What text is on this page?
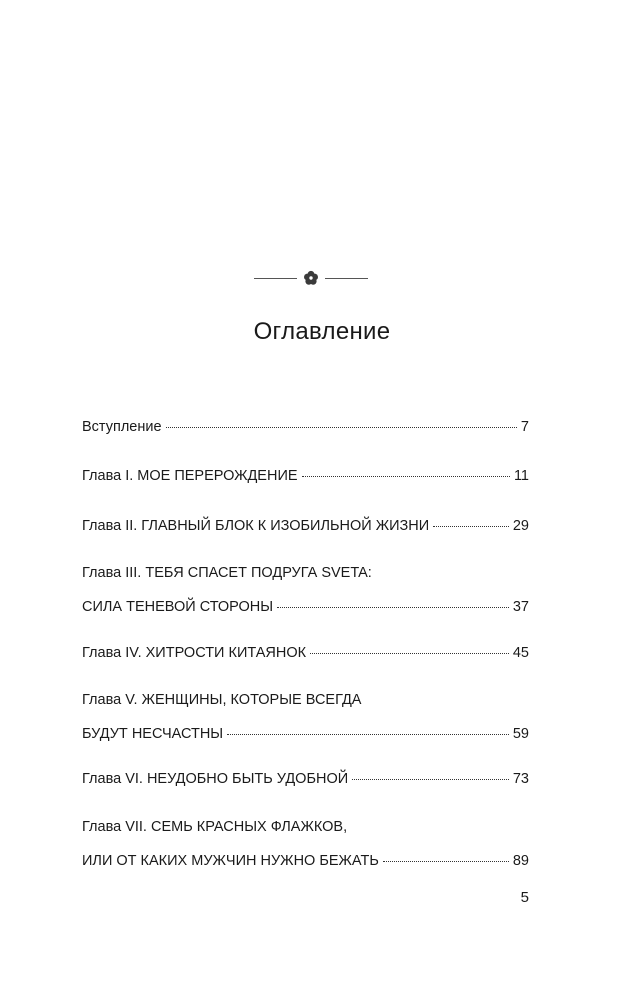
Оглавление
Вступление	7
Глава I. МОЕ ПЕРЕРОЖДЕНИЕ	11
Глава II. ГЛАВНЫЙ БЛОК К ИЗОБИЛЬНОЙ ЖИЗНИ	29
Глава III. ТЕБЯ СПАСЕТ ПОДРУГА SVETA:
СИЛА ТЕНЕВОЙ СТОРОНЫ	37
Глава IV. ХИТРОСТИ КИТАЯНОК	45
Глава V. ЖЕНЩИНЫ, КОТОРЫЕ ВСЕГДА
БУДУТ НЕСЧАСТНЫ	59
Глава VI. НЕУДОБНО БЫТЬ УДОБНОЙ	73
Глава VII. СЕМЬ КРАСНЫХ ФЛАЖКОВ,
ИЛИ ОТ КАКИХ МУЖЧИН НУЖНО БЕЖАТЬ	89
5
